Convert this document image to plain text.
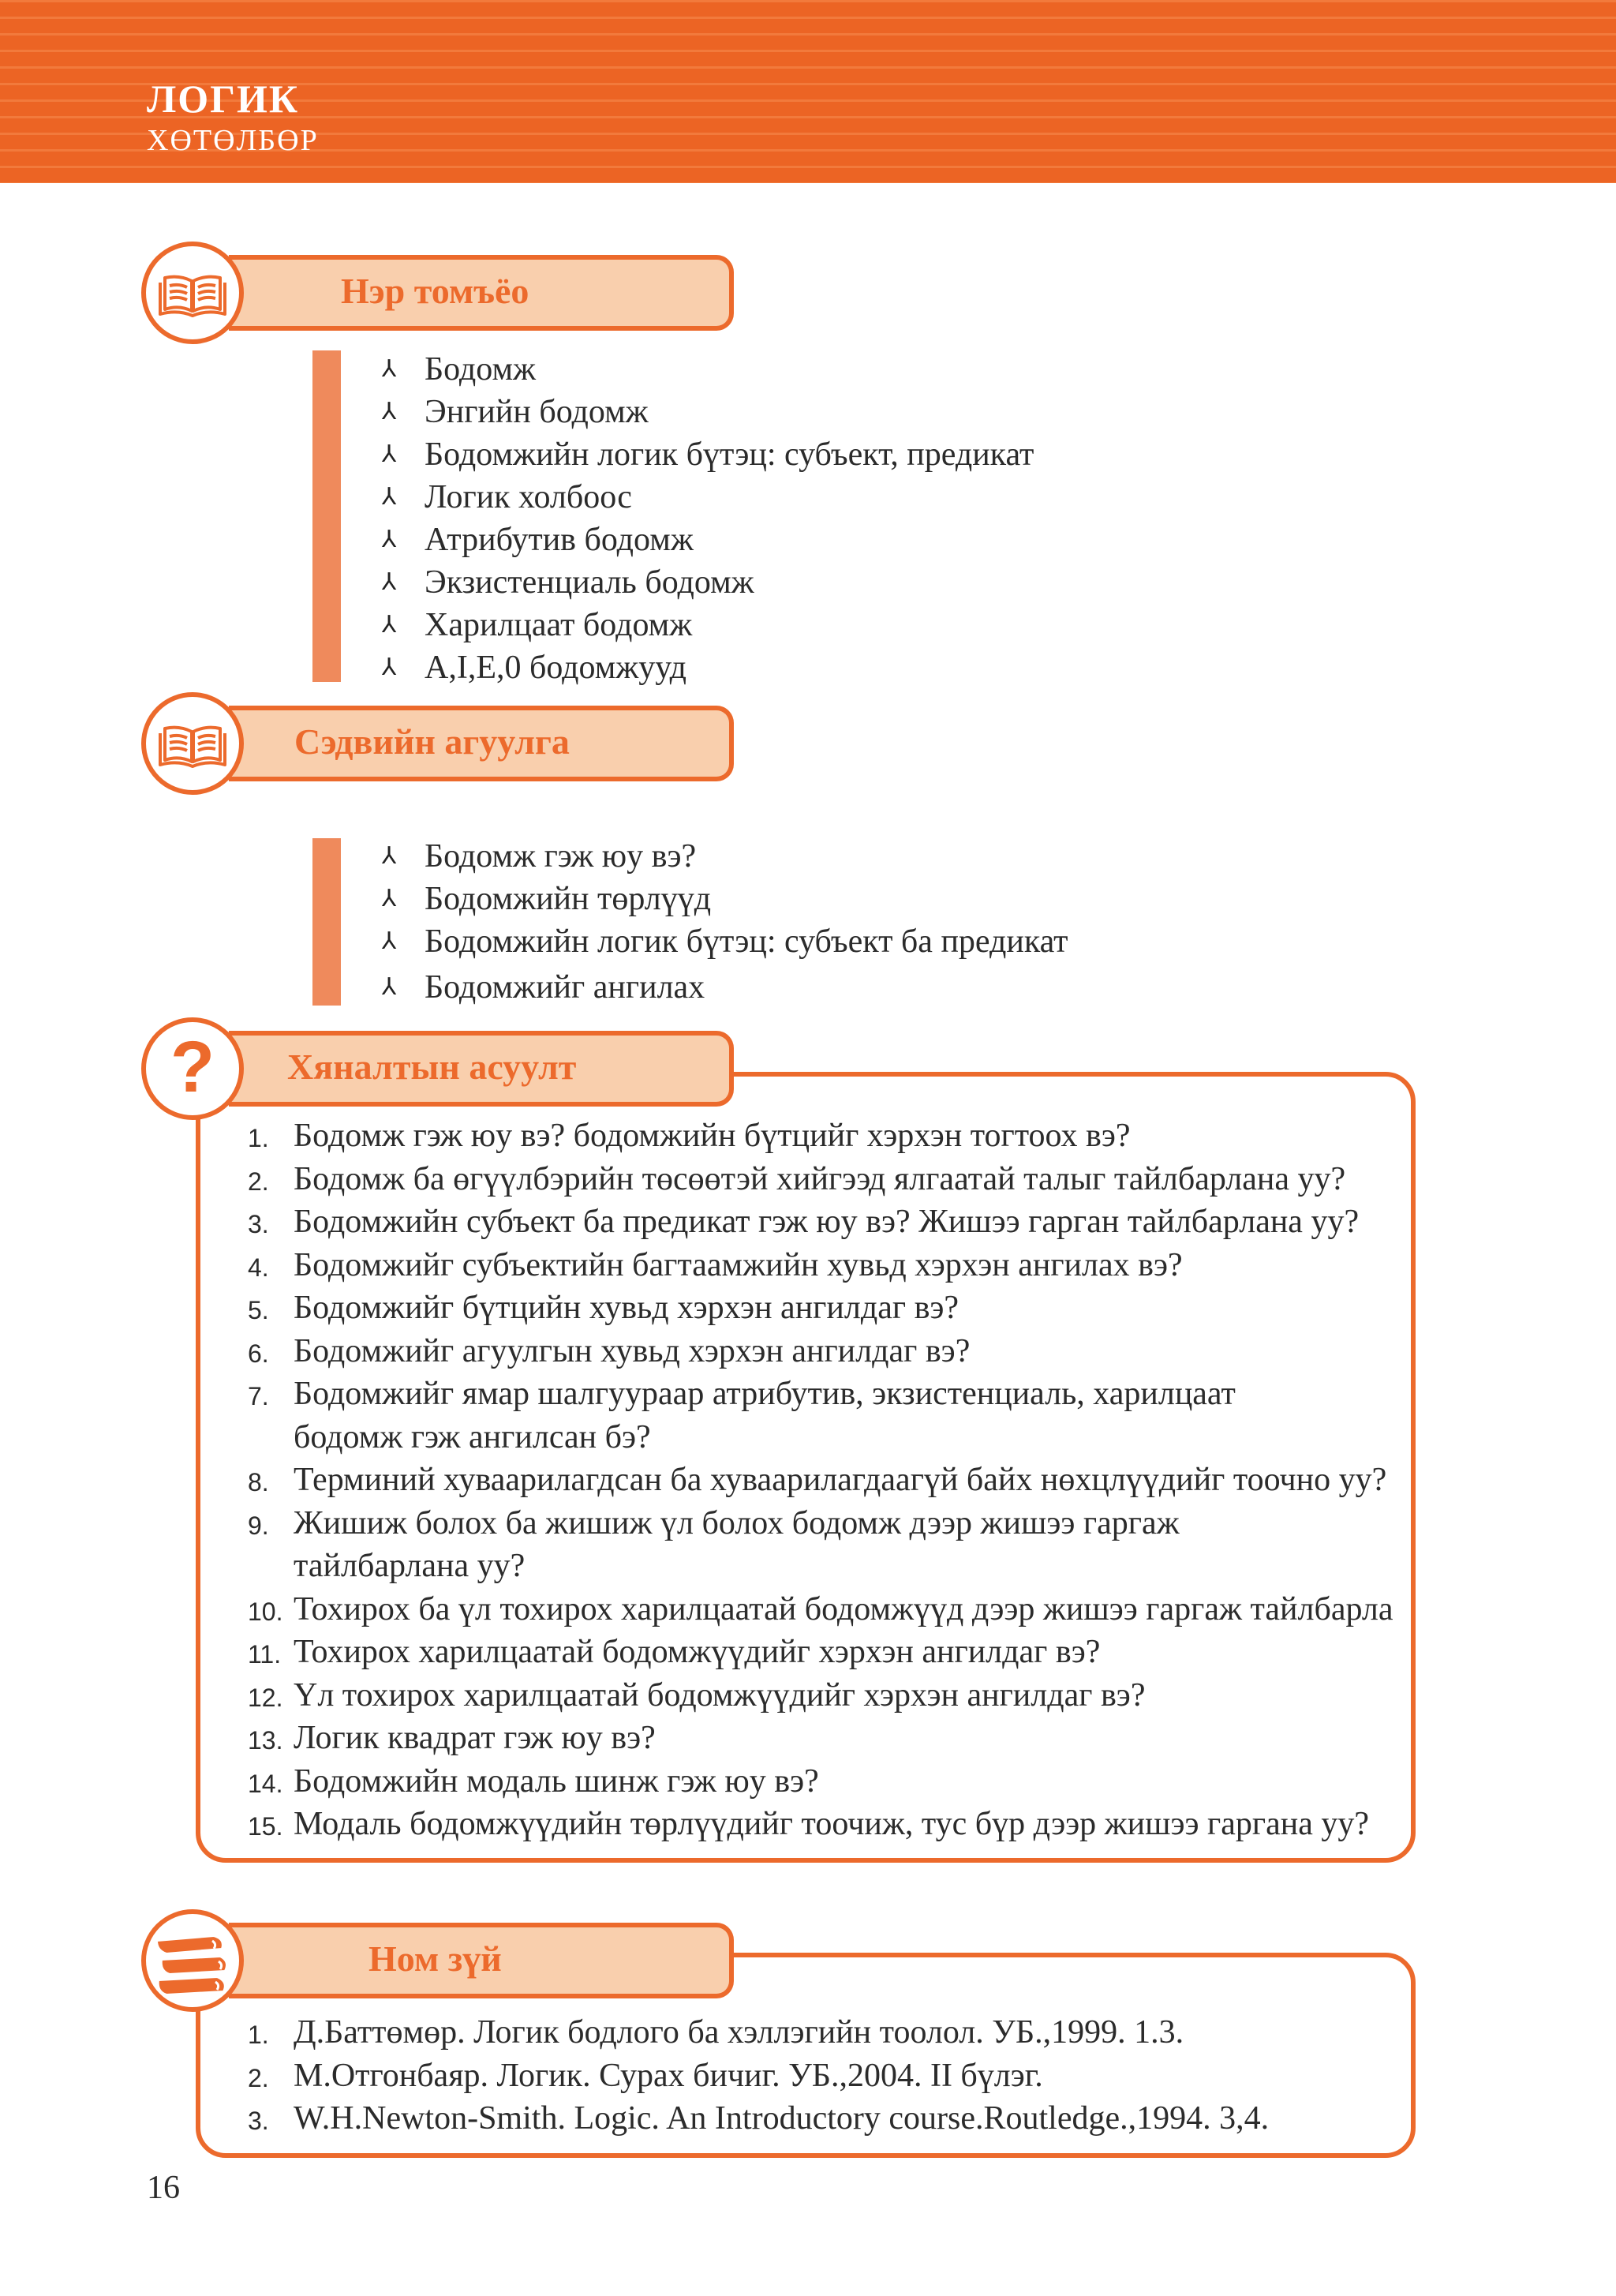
ЛОГИК
ХӨТӨЛБӨР
Нэр томъёо
⅄ Бодомж
⅄ Энгийн бодомж
⅄ Бодомжийн логик бүтэц: субъект, предикат
⅄ Логик холбоос
⅄ Атрибутив бодомж
⅄ Экзистенциаль бодомж
⅄ Харилцаат бодомж
⅄ A,I,E,0 бодомжууд
Сэдвийн агуулга
⅄ Бодомж гэж юу вэ?
⅄ Бодомжийн төрлүүд
⅄ Бодомжийн логик бүтэц: субъект ба предикат
⅄ Бодомжийг ангилах
? Хяналтын асуулт
1. Бодомж гэж юу вэ? бодомжийн бүтцийг хэрхэн тогтоох вэ?
2. Бодомж ба өгүүлбэрийн төсөөтэй хийгээд ялгаатай талыг тайлбарлана уу?
3. Бодомжийн субъект ба предикат гэж юу вэ? Жишээ гарган тайлбарлана уу?
4. Бодомжийг субъектийн багтаамжийн хувьд хэрхэн ангилах вэ?
5. Бодомжийг бүтцийн хувьд хэрхэн ангилдаг вэ?
6. Бодомжийг агуулгын хувьд хэрхэн ангилдаг вэ?
7. Бодомжийг ямар шалгуураар атрибутив, экзистенциаль, харилцаат бодомж гэж ангилсан бэ?
8. Терминий хуваарилагдсан ба хуваарилагдаагүй байх нөхцлүүдийг тоочно уу?
9. Жишиж болох ба жишиж үл болох бодомж дээр жишээ гаргаж тайлбарлана уу?
10. Тохирох ба үл тохирох харилцаатай бодомжүүд дээр жишээ гаргаж тайлбарла
11. Тохирох харилцаатай бодомжүүдийг хэрхэн ангилдаг вэ?
12. Үл тохирох харилцаатай бодомжүүдийг хэрхэн ангилдаг вэ?
13. Логик квадрат гэж юу вэ?
14. Бодомжийн модаль шинж гэж юу вэ?
15. Модаль бодомжүүдийн төрлүүдийг тоочиж, тус бүр дээр жишээ гаргана уу?
Ном зүй
1. Д.Баттөмөр. Логик бодлого ба хэллэгийн тоолол. УБ.,1999. 1.3.
2. М.Отгонбаяр. Логик. Сурах бичиг. УБ.,2004. II бүлэг.
3. W.H.Newton-Smith. Logic. An Introductory course.Routledge.,1994. 3,4.
16
